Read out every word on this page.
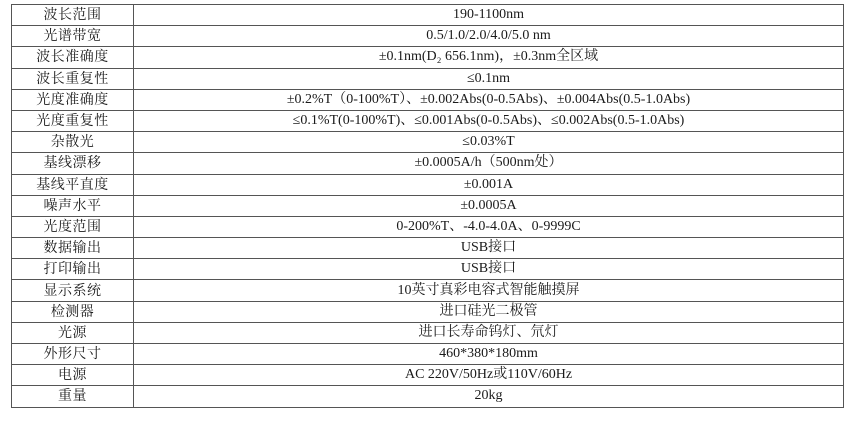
波长范围	190-1100nm
光谱带宽	0.5/1.0/2.0/4.0/5.0 nm
波长准确度	±0.1nm(D₂ 656.1nm)，±0.3nm全区域
波长重复性	≤0.1nm
光度准确度	±0.2%T（0-100%T）、±0.002Abs(0-0.5Abs)、±0.004Abs(0.5-1.0Abs)
光度重复性	≤0.1%T(0-100%T)、≤0.001Abs(0-0.5Abs)、≤0.002Abs(0.5-1.0Abs)
杂散光	≤0.03%T
基线漂移	±0.0005A/h（500nm处）
基线平直度	±0.001A
噪声水平	±0.0005A
光度范围	0-200%T、-4.0-4.0A、0-9999C
数据输出	USB接口
打印输出	USB接口
显示系统	10英寸真彩电容式智能触摸屏
检测器	进口硅光二极管
光源	进口长寿命钨灯、氘灯
外形尺寸	460*380*180mm
电源	AC 220V/50Hz或110V/60Hz
重量	20kg
